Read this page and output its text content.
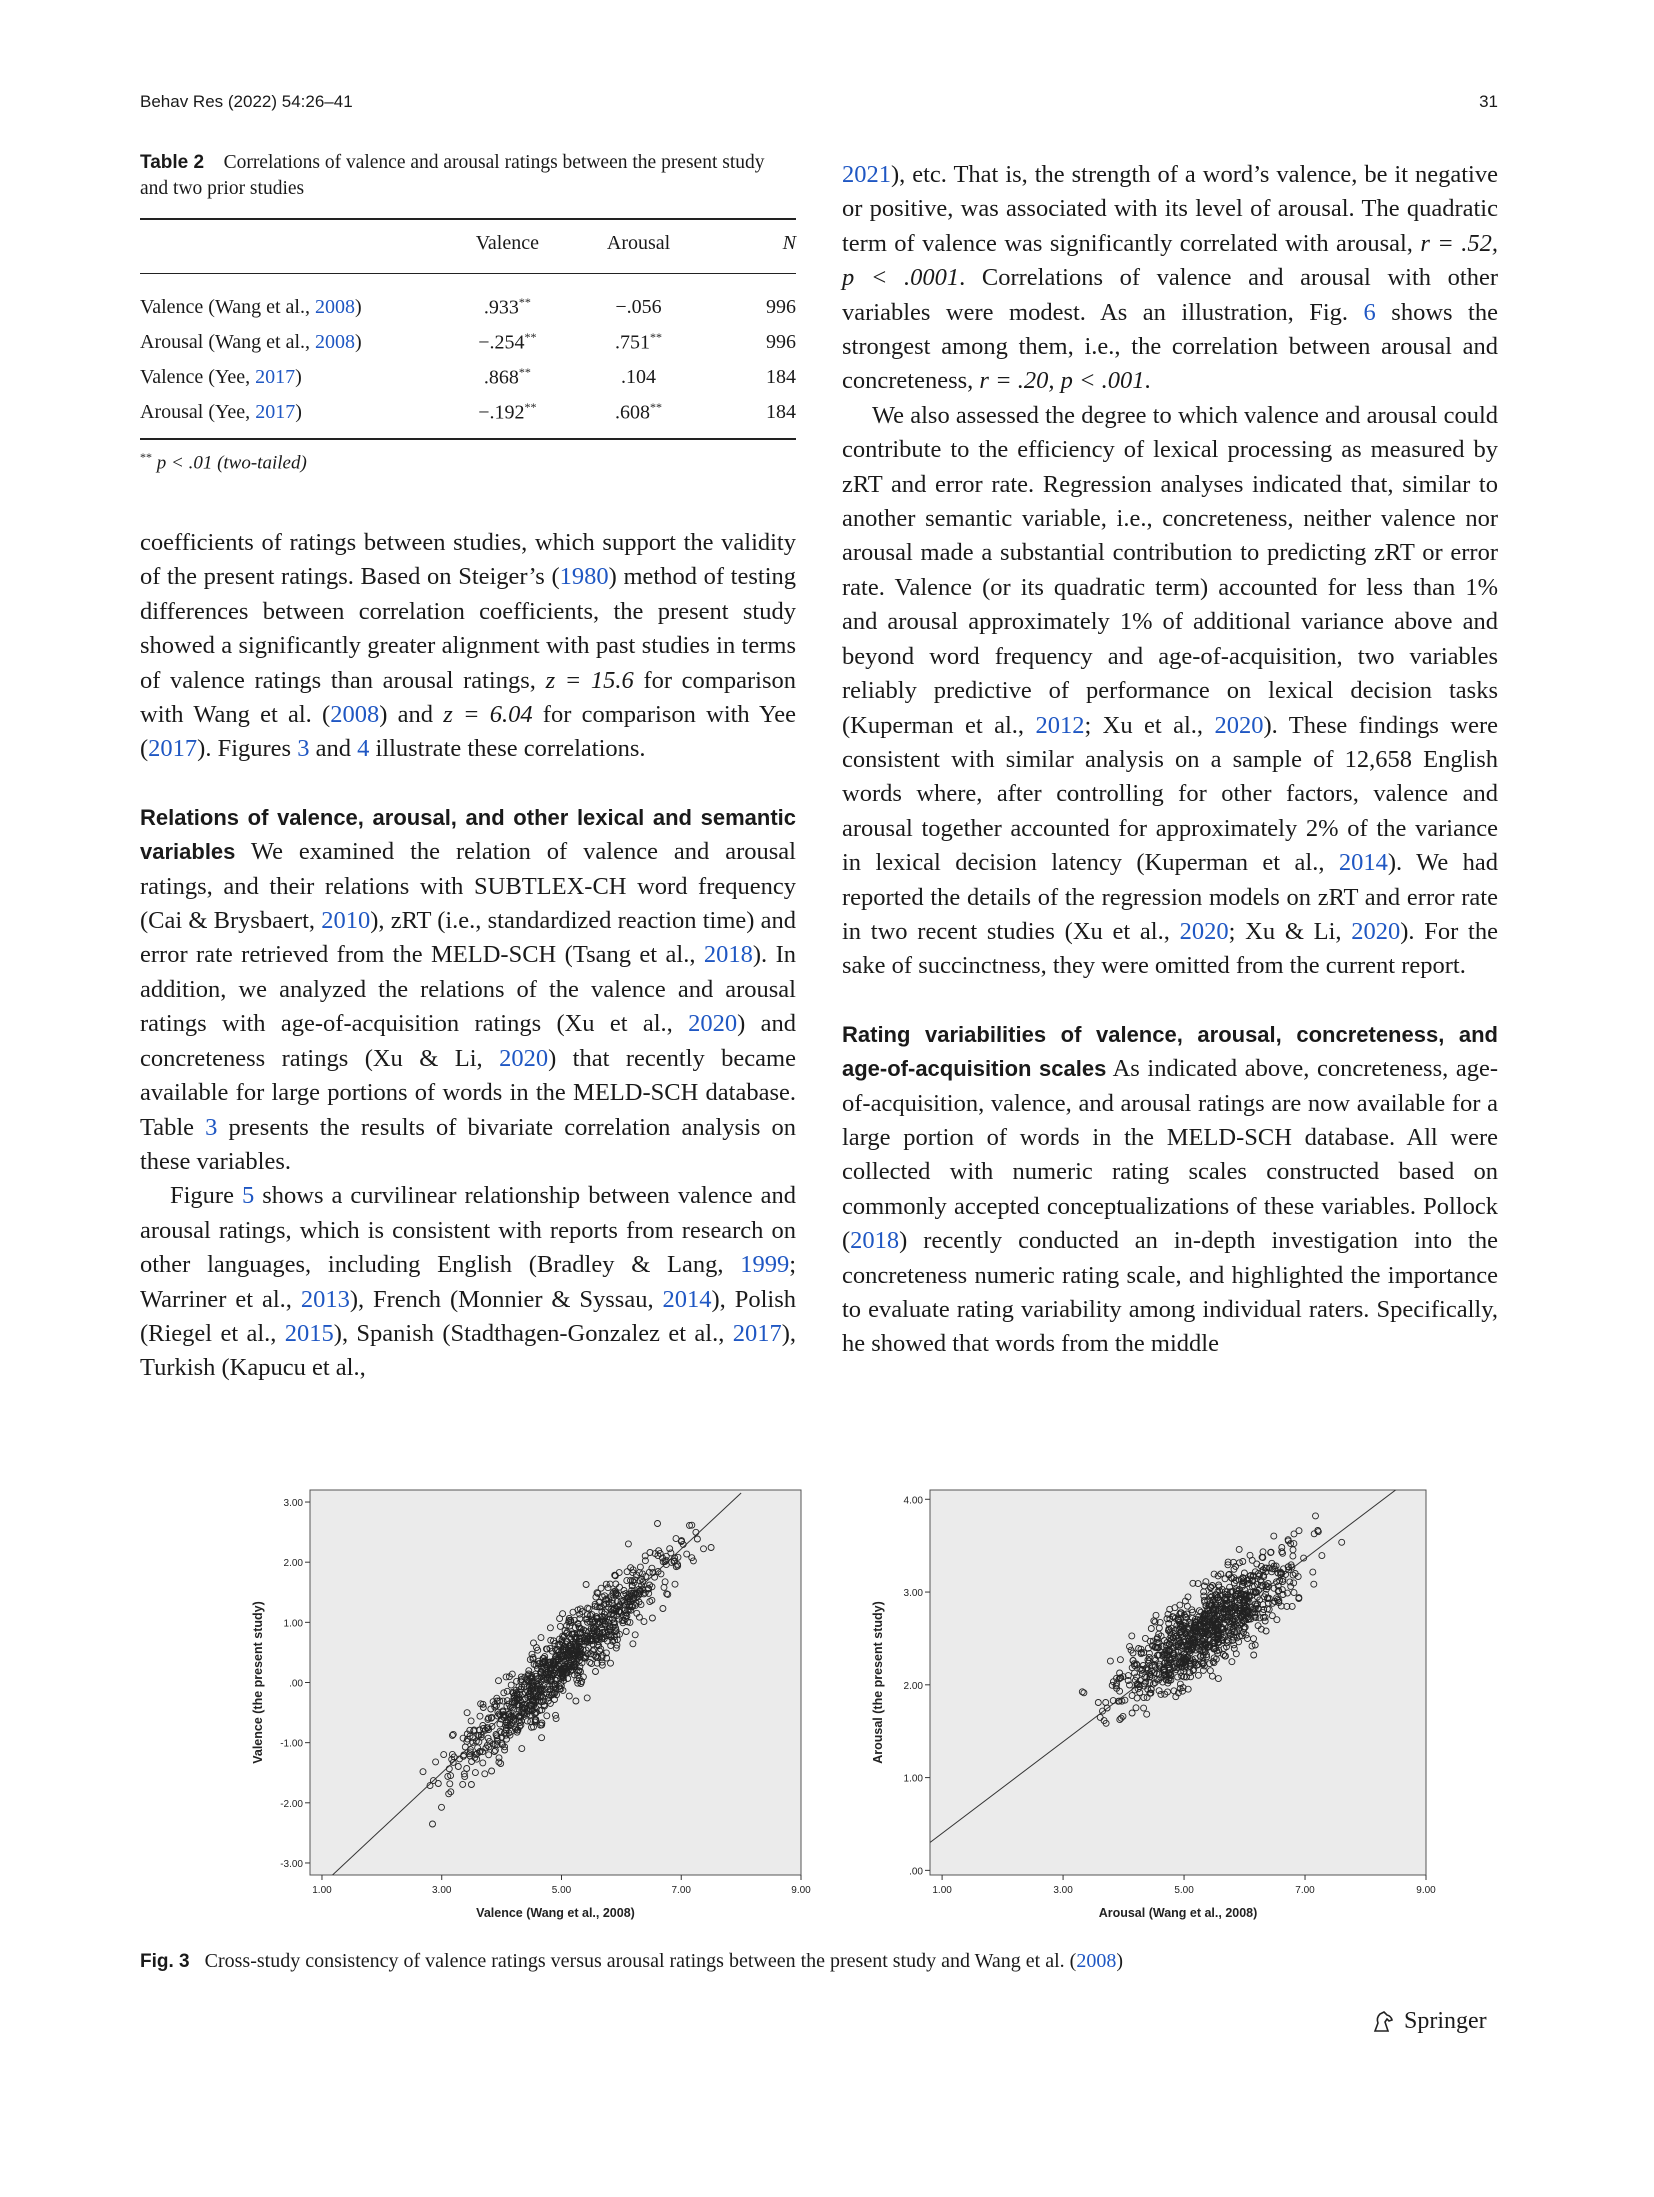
Behav Res (2022) 54:26–41	31
Table 2 Correlations of valence and arousal ratings between the present study and two prior studies
	Valence	Arousal	N
Valence (Wang et al., 2008)	.933**	−.056	996
Arousal (Wang et al., 2008)	−.254**	.751**	996
Valence (Yee, 2017)	.868**	.104	184
Arousal (Yee, 2017)	−.192**	.608**	184
** p < .01 (two-tailed)

coefficients of ratings between studies, which support the validity of the present ratings. Based on Steiger’s (1980) method of testing differences between correlation coefficients, the present study showed a significantly greater alignment with past studies in terms of valence ratings than arousal ratings, z = 15.6 for comparison with Wang et al. (2008) and z = 6.04 for comparison with Yee (2017). Figures 3 and 4 illustrate these correlations.

Relations of valence, arousal, and other lexical and semantic variables We examined the relation of valence and arousal ratings, and their relations with SUBTLEX-CH word frequency (Cai & Brysbaert, 2010), zRT (i.e., standardized reaction time) and error rate retrieved from the MELD-SCH (Tsang et al., 2018). In addition, we analyzed the relations of the valence and arousal ratings with age-of-acquisition ratings (Xu et al., 2020) and concreteness ratings (Xu & Li, 2020) that recently became available for large portions of words in the MELD-SCH database. Table 3 presents the results of bivariate correlation analysis on these variables.

Figure 5 shows a curvilinear relationship between valence and arousal ratings, which is consistent with reports from research on other languages, including English (Bradley & Lang, 1999; Warriner et al., 2013), French (Monnier & Syssau, 2014), Polish (Riegel et al., 2015), Spanish (Stadthagen-Gonzalez et al., 2017), Turkish (Kapucu et al.,

2021), etc. That is, the strength of a word’s valence, be it negative or positive, was associated with its level of arousal. The quadratic term of valence was significantly correlated with arousal, r = .52, p < .0001. Correlations of valence and arousal with other variables were modest. As an illustration, Fig. 6 shows the strongest among them, i.e., the correlation between arousal and concreteness, r = .20, p < .001.

We also assessed the degree to which valence and arousal could contribute to the efficiency of lexical processing as measured by zRT and error rate. Regression analyses indicated that, similar to another semantic variable, i.e., concreteness, neither valence nor arousal made a substantial contribution to predicting zRT or error rate. Valence (or its quadratic term) accounted for less than 1% and arousal approximately 1% of additional variance above and beyond word frequency and age-of-acquisition, two variables reliably predictive of performance on lexical decision tasks (Kuperman et al., 2012; Xu et al., 2020). These findings were consistent with similar analysis on a sample of 12,658 English words where, after controlling for other factors, valence and arousal together accounted for approximately 2% of the variance in lexical decision latency (Kuperman et al., 2014). We had reported the details of the regression models on zRT and error rate in two recent studies (Xu et al., 2020; Xu & Li, 2020). For the sake of succinctness, they were omitted from the current report.

Rating variabilities of valence, arousal, concreteness, and age-of-acquisition scales As indicated above, concreteness, age-of-acquisition, valence, and arousal ratings are now available for a large portion of words in the MELD-SCH database. All were collected with numeric rating scales constructed based on commonly accepted conceptualizations of these variables. Pollock (2018) recently conducted an in-depth investigation into the concreteness numeric rating scale, and highlighted the importance to evaluate rating variability among individual raters. Specifically, he showed that words from the middle

3.00
2.00
1.00
.00
-1.00
-2.00
-3.00
1.00	3.00	5.00	7.00	9.00
Valence (Wang et al., 2008)
Valence (the present study)
4.00
3.00
2.00
1.00
.00
1.00	3.00	5.00	7.00	9.00
Arousal (Wang et al., 2008)
Arousal (the present study)
Fig. 3 Cross-study consistency of valence ratings versus arousal ratings between the present study and Wang et al. (2008)
Springer
